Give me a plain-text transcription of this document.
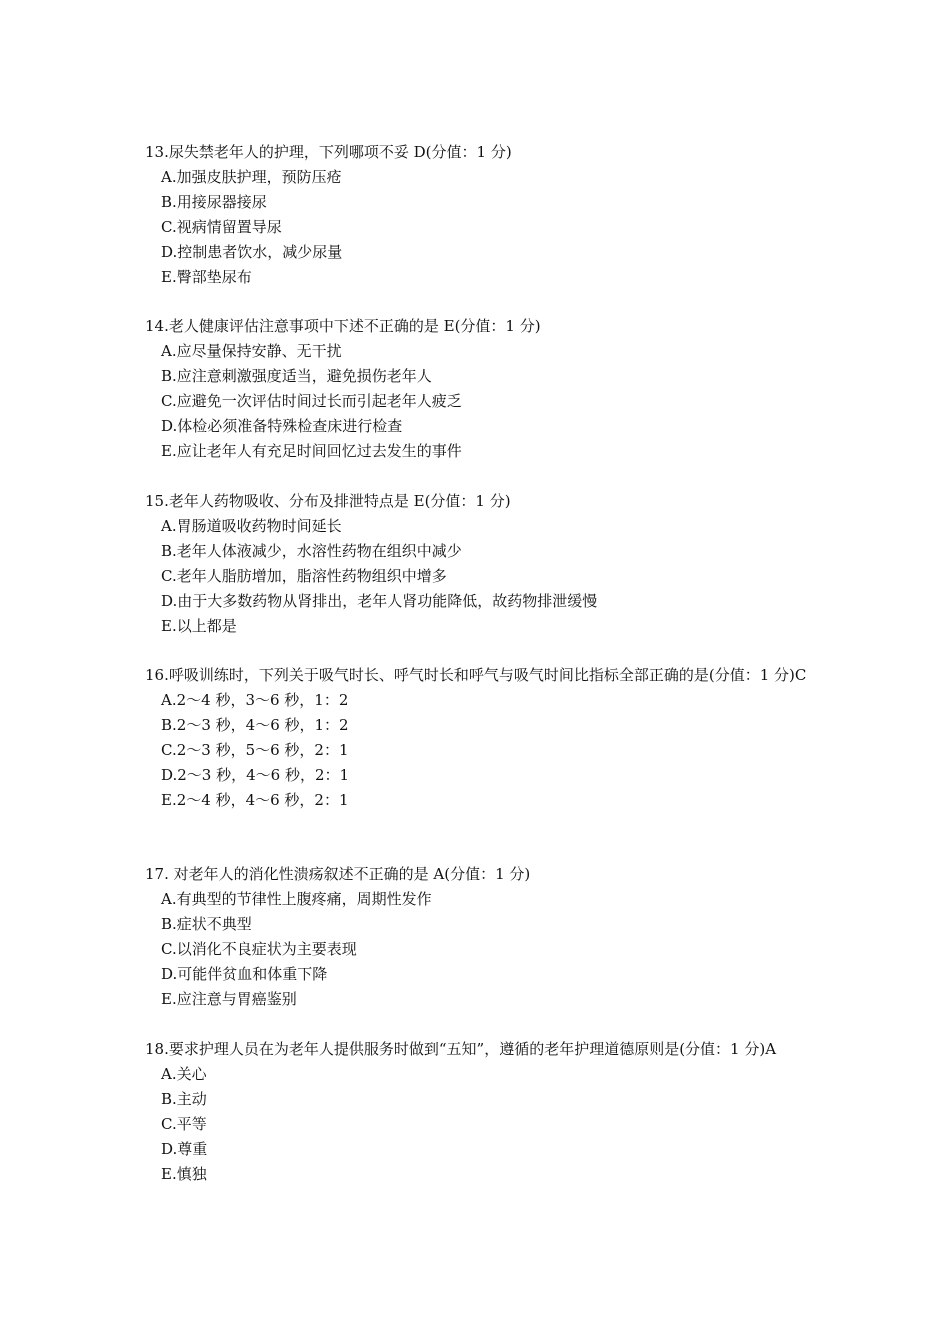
13.尿失禁老年人的护理，下列哪项不妥 D(分值：1 分)

A.加强皮肤护理，预防压疮
B.用接尿器接尿
C.视病情留置导尿
D.控制患者饮水，减少尿量
E.臀部垫尿布

14.老人健康评估注意事项中下述不正确的是 E(分值：1 分)

A.应尽量保持安静、无干扰
B.应注意刺激强度适当，避免损伤老年人
C.应避免一次评估时间过长而引起老年人疲乏
D.体检必须准备特殊检查床进行检查
E.应让老年人有充足时间回忆过去发生的事件

15.老年人药物吸收、分布及排泄特点是 E(分值：1 分)

A.胃肠道吸收药物时间延长
B.老年人体液减少，水溶性药物在组织中减少
C.老年人脂肪增加，脂溶性药物组织中增多
D.由于大多数药物从肾排出，老年人肾功能降低，故药物排泄缓慢
E.以上都是

16.呼吸训练时，下列关于吸气时长、呼气时长和呼气与吸气时间比指标全部正确的是(分值：1 分)C

A.2～4 秒，3～6 秒，1：2
B.2～3 秒，4～6 秒，1：2
C.2～3 秒，5～6 秒，2：1
D.2～3 秒，4～6 秒，2：1
E.2～4 秒，4～6 秒，2：1

17. 对老年人的消化性溃疡叙述不正确的是 A(分值：1 分)

A.有典型的节律性上腹疼痛，周期性发作
B.症状不典型
C.以消化不良症状为主要表现
D.可能伴贫血和体重下降
E.应注意与胃癌鉴别

18.要求护理人员在为老年人提供服务时做到“五知”，遵循的老年护理道德原则是(分值：1 分)A

A.关心
B.主动
C.平等
D.尊重
E.慎独
